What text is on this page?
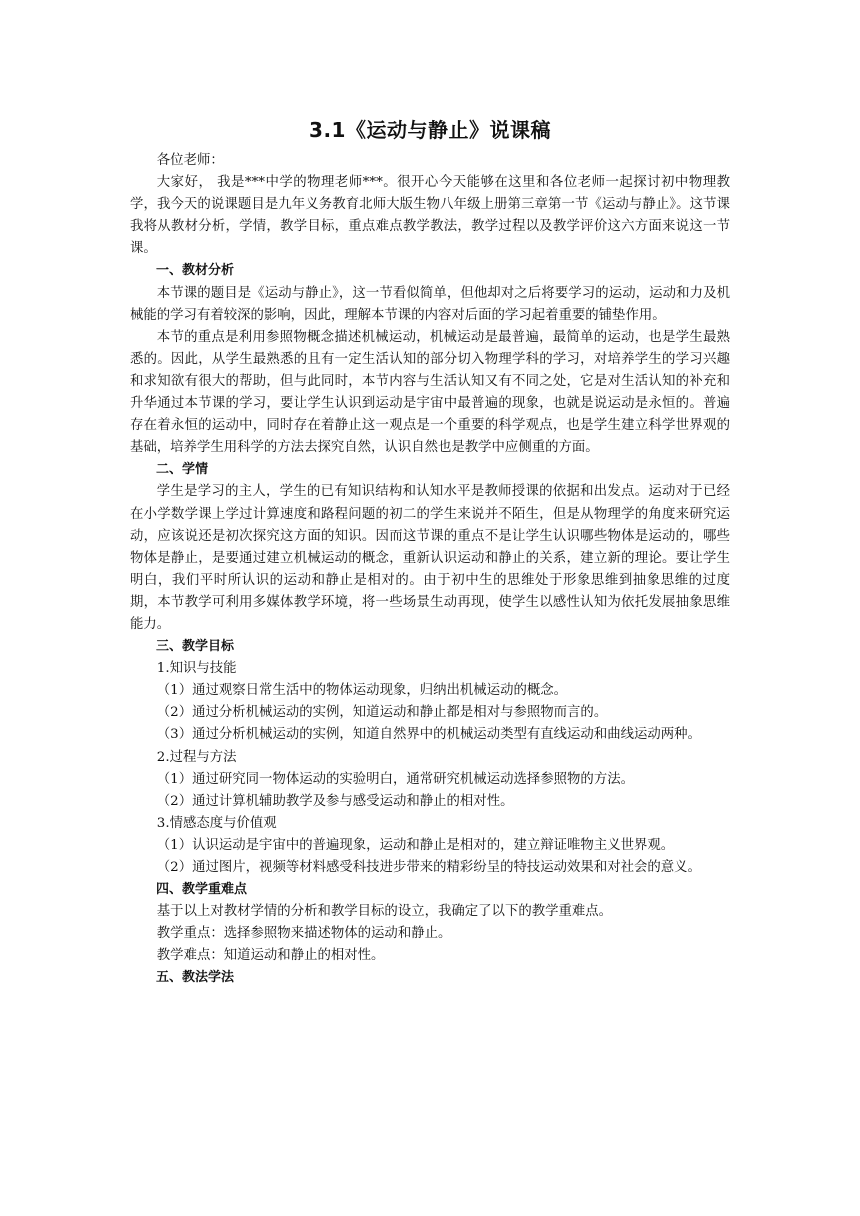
3.1《运动与静止》说课稿

各位老师：

大家好， 我是***中学的物理老师***。很开心今天能够在这里和各位老师一起探讨初中物理教学，我今天的说课题目是九年义务教育北师大版生物八年级上册第三章第一节《运动与静止》。这节课我将从教材分析，学情，教学目标，重点难点教学教法，教学过程以及教学评价这六方面来说这一节课。

一、教材分析

本节课的题目是《运动与静止》，这一节看似简单，但他却对之后将要学习的运动，运动和力及机械能的学习有着较深的影响，因此，理解本节课的内容对后面的学习起着重要的铺垫作用。

本节的重点是利用参照物概念描述机械运动，机械运动是最普遍，最简单的运动，也是学生最熟悉的。因此，从学生最熟悉的且有一定生活认知的部分切入物理学科的学习，对培养学生的学习兴趣和求知欲有很大的帮助，但与此同时，本节内容与生活认知又有不同之处，它是对生活认知的补充和升华通过本节课的学习，要让学生认识到运动是宇宙中最普遍的现象，也就是说运动是永恒的。普遍存在着永恒的运动中，同时存在着静止这一观点是一个重要的科学观点，也是学生建立科学世界观的基础，培养学生用科学的方法去探究自然，认识自然也是教学中应侧重的方面。

二、学情

学生是学习的主人，学生的已有知识结构和认知水平是教师授课的依据和出发点。运动对于已经在小学数学课上学过计算速度和路程问题的初二的学生来说并不陌生，但是从物理学的角度来研究运动，应该说还是初次探究这方面的知识。因而这节课的重点不是让学生认识哪些物体是运动的，哪些物体是静止，是要通过建立机械运动的概念，重新认识运动和静止的关系，建立新的理论。要让学生明白，我们平时所认识的运动和静止是相对的。由于初中生的思维处于形象思维到抽象思维的过度期，本节教学可利用多媒体教学环境，将一些场景生动再现，使学生以感性认知为依托发展抽象思维能力。

三、教学目标

1.知识与技能

（1）通过观察日常生活中的物体运动现象，归纳出机械运动的概念。

（2）通过分析机械运动的实例，知道运动和静止都是相对与参照物而言的。

（3）通过分析机械运动的实例，知道自然界中的机械运动类型有直线运动和曲线运动两种。

2.过程与方法

（1）通过研究同一物体运动的实验明白，通常研究机械运动选择参照物的方法。

（2）通过计算机辅助教学及参与感受运动和静止的相对性。

3.情感态度与价值观

（1）认识运动是宇宙中的普遍现象，运动和静止是相对的，建立辩证唯物主义世界观。

（2）通过图片，视频等材料感受科技进步带来的精彩纷呈的特技运动效果和对社会的意义。

四、教学重难点

基于以上对教材学情的分析和教学目标的设立，我确定了以下的教学重难点。

教学重点：选择参照物来描述物体的运动和静止。

教学难点：知道运动和静止的相对性。

五、教法学法
